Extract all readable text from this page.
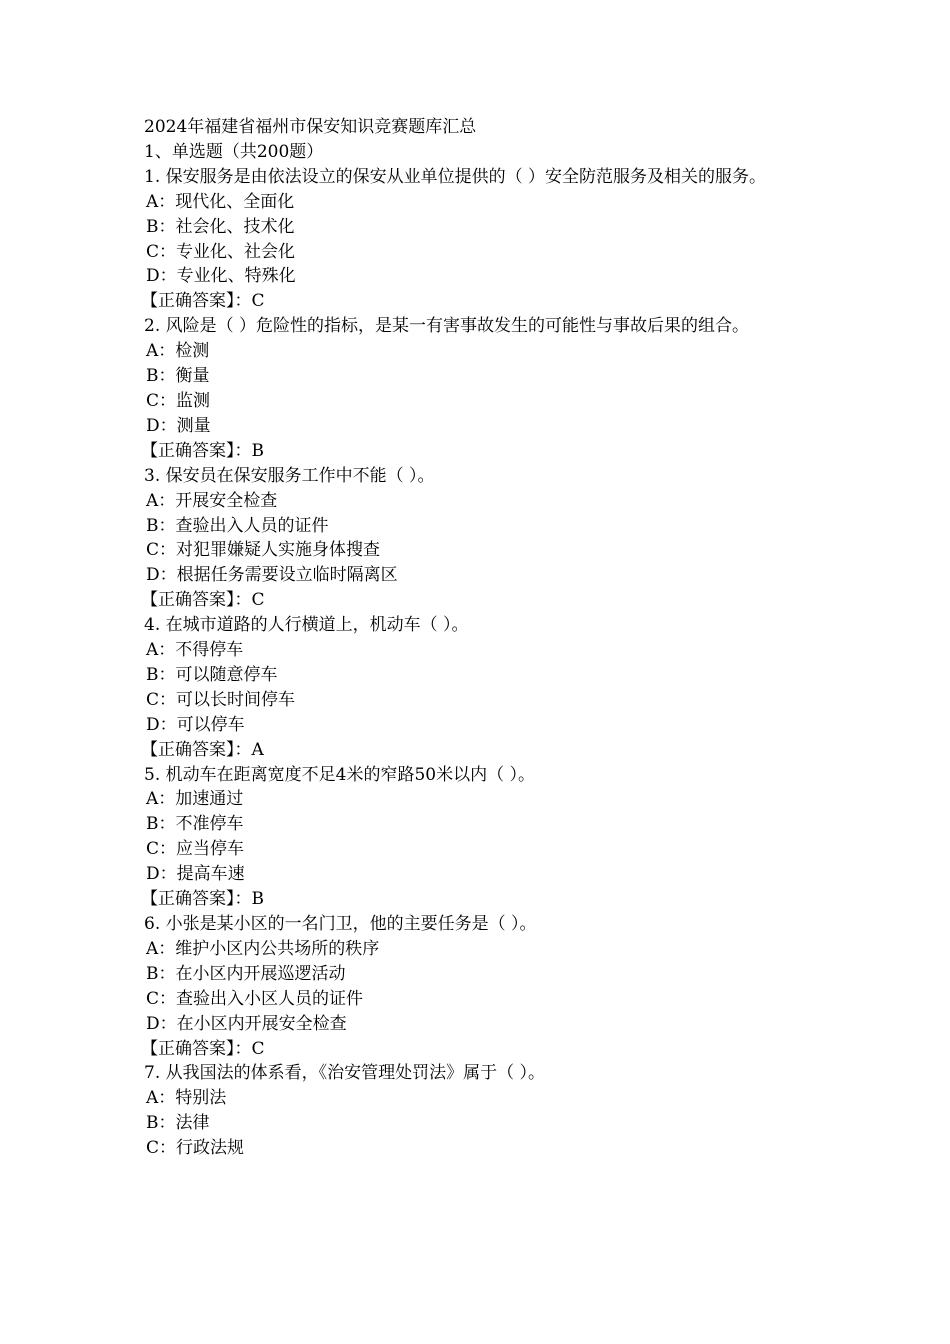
2024年福建省福州市保安知识竞赛题库汇总

1、单选题（共200题）

1. 保安服务是由依法设立的保安从业单位提供的（ ）安全防范服务及相关的服务。

A：现代化、全面化

B：社会化、技术化

C：专业化、社会化

D：专业化、特殊化

【正确答案】：C

2. 风险是（ ）危险性的指标，是某一有害事故发生的可能性与事故后果的组合。

A：检测

B：衡量

C：监测

D：测量

【正确答案】：B

3. 保安员在保安服务工作中不能（ ）。

A：开展安全检查

B：查验出入人员的证件

C：对犯罪嫌疑人实施身体搜查

D：根据任务需要设立临时隔离区

【正确答案】：C

4. 在城市道路的人行横道上，机动车（ ）。

A：不得停车

B：可以随意停车

C：可以长时间停车

D：可以停车

【正确答案】：A

5. 机动车在距离宽度不足4米的窄路50米以内（ ）。

A：加速通过

B：不准停车

C：应当停车

D：提高车速

【正确答案】：B

6. 小张是某小区的一名门卫，他的主要任务是（ ）。

A：维护小区内公共场所的秩序

B：在小区内开展巡逻活动

C：查验出入小区人员的证件

D：在小区内开展安全检查

【正确答案】：C

7. 从我国法的体系看，《治安管理处罚法》属于（ ）。

A：特别法

B：法律

C：行政法规
